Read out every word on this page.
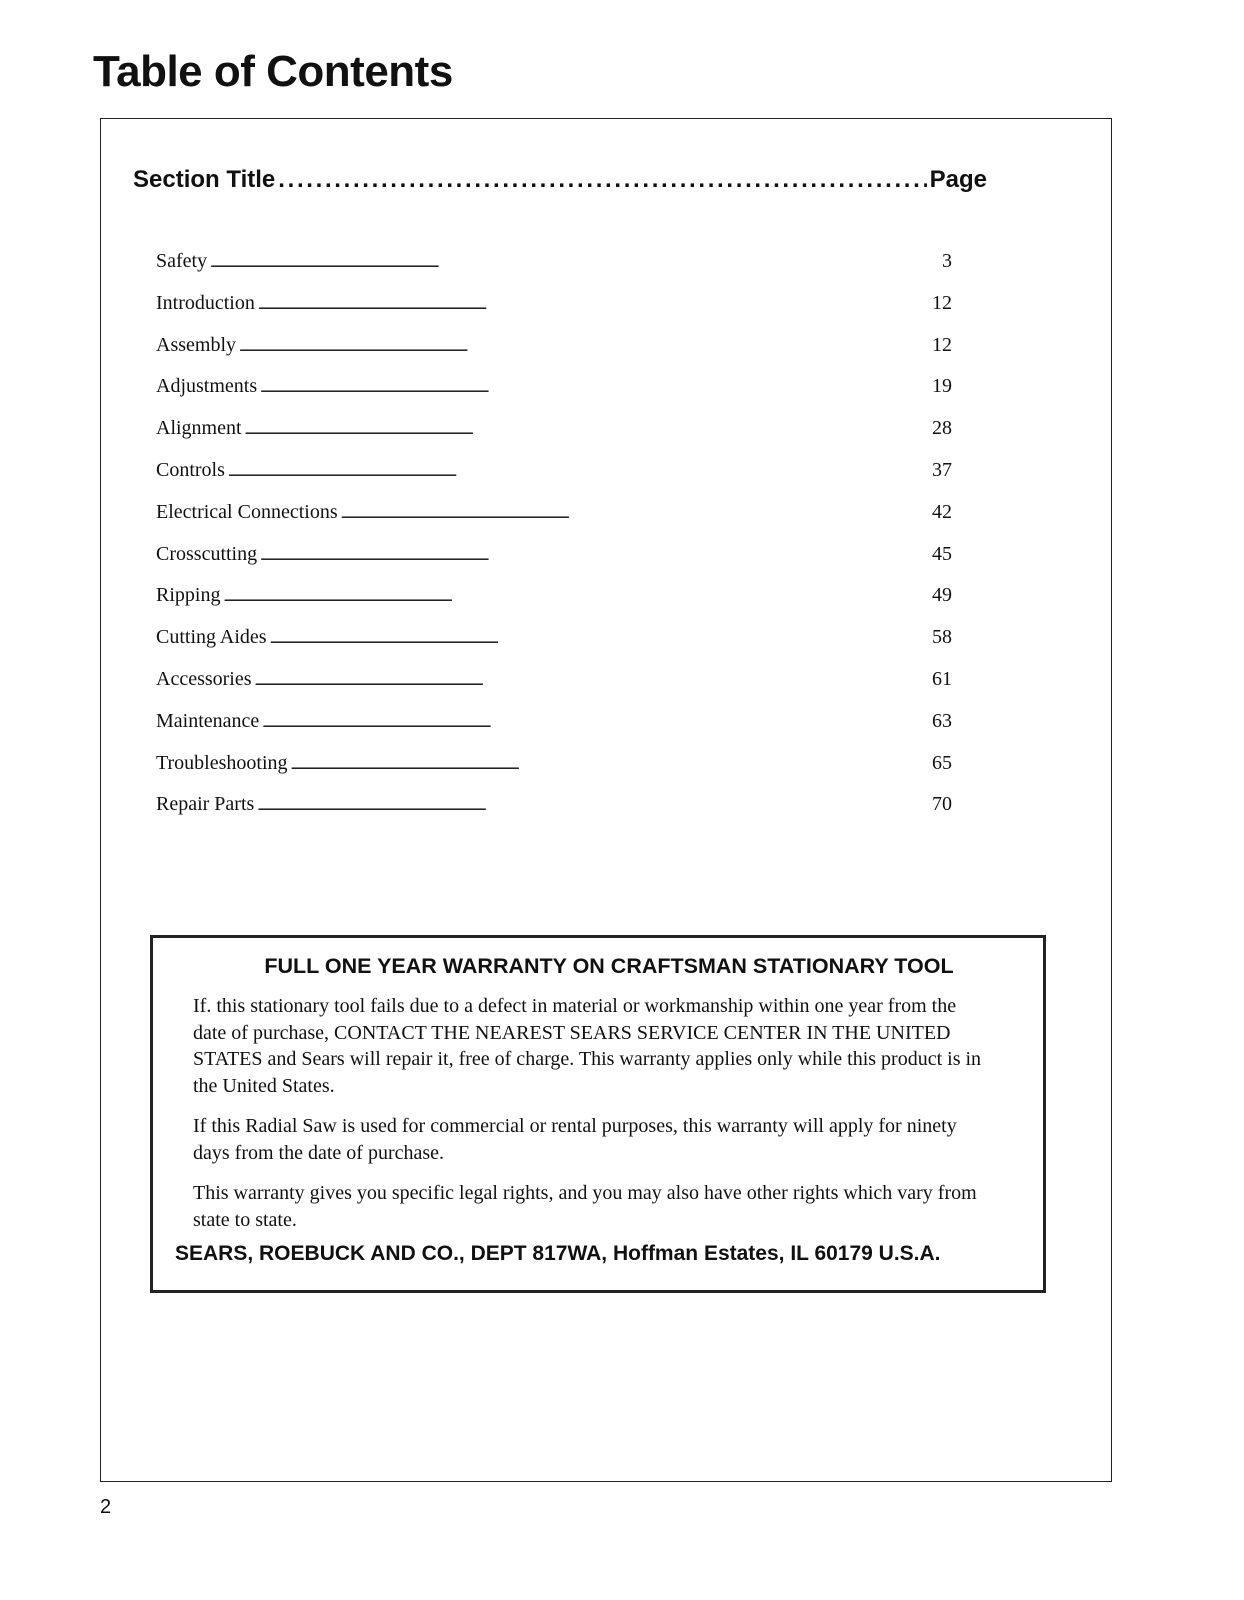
Table of Contents
Section Title . . .	Page
Safety . . .	3
Introduction . . .	12
Assembly . . .	12
Adjustments . . .	19
Alignment . . .	28
Controls . . .	37
Electrical Connections . . .	42
Crosscutting . . .	45
Ripping . . .	49
Cutting Aides . . .	58
Accessories . . .	61
Maintenance . . .	63
Troubleshooting . . .	65
Repair Parts . . .	70

FULL ONE YEAR WARRANTY ON CRAFTSMAN STATIONARY TOOL

If. this stationary tool fails due to a defect in material or workmanship within one year from the date of purchase, CONTACT THE NEAREST SEARS SERVICE CENTER IN THE UNITED STATES and Sears will repair it, free of charge. This warranty applies only while this product is in the United States.

If this Radial Saw is used for commercial or rental purposes, this warranty will apply for ninety days from the date of purchase.

This warranty gives you specific legal rights, and you may also have other rights which vary from state to state.

SEARS, ROEBUCK AND CO., DEPT 817WA, Hoffman Estates, IL 60179 U.S.A.

2
